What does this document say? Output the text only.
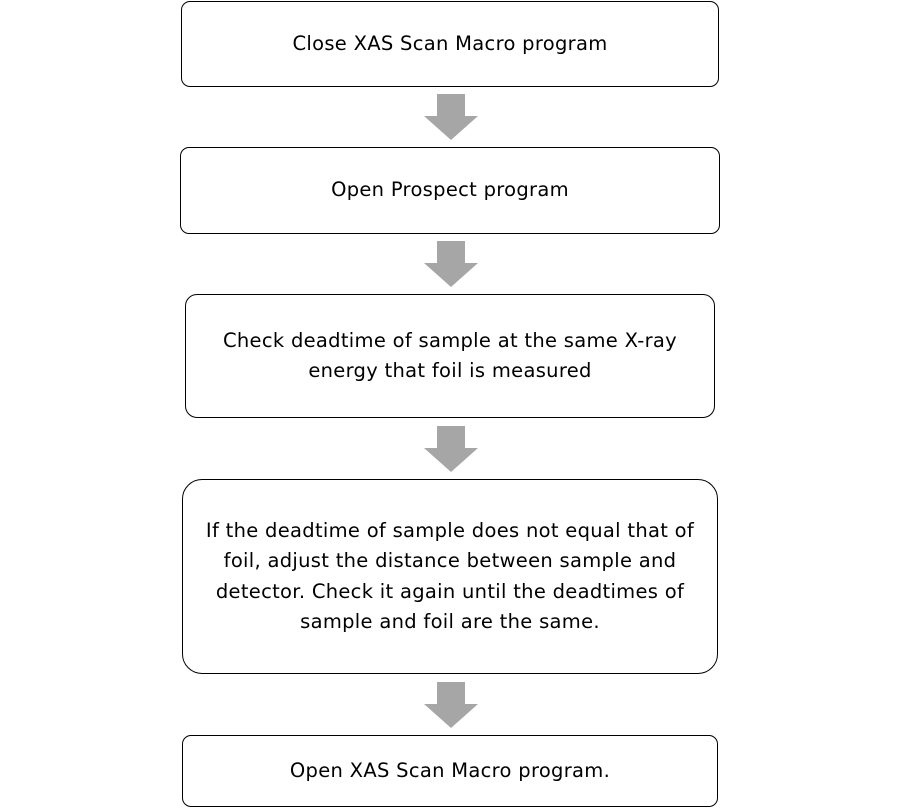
Close XAS Scan Macro program
Open Prospect program
Check deadtime of sample at the same X-ray energy that foil is measured
If the deadtime of sample does not equal that of foil, adjust the distance between sample and detector. Check it again until the deadtimes of sample and foil are the same.
Open XAS Scan Macro program.
